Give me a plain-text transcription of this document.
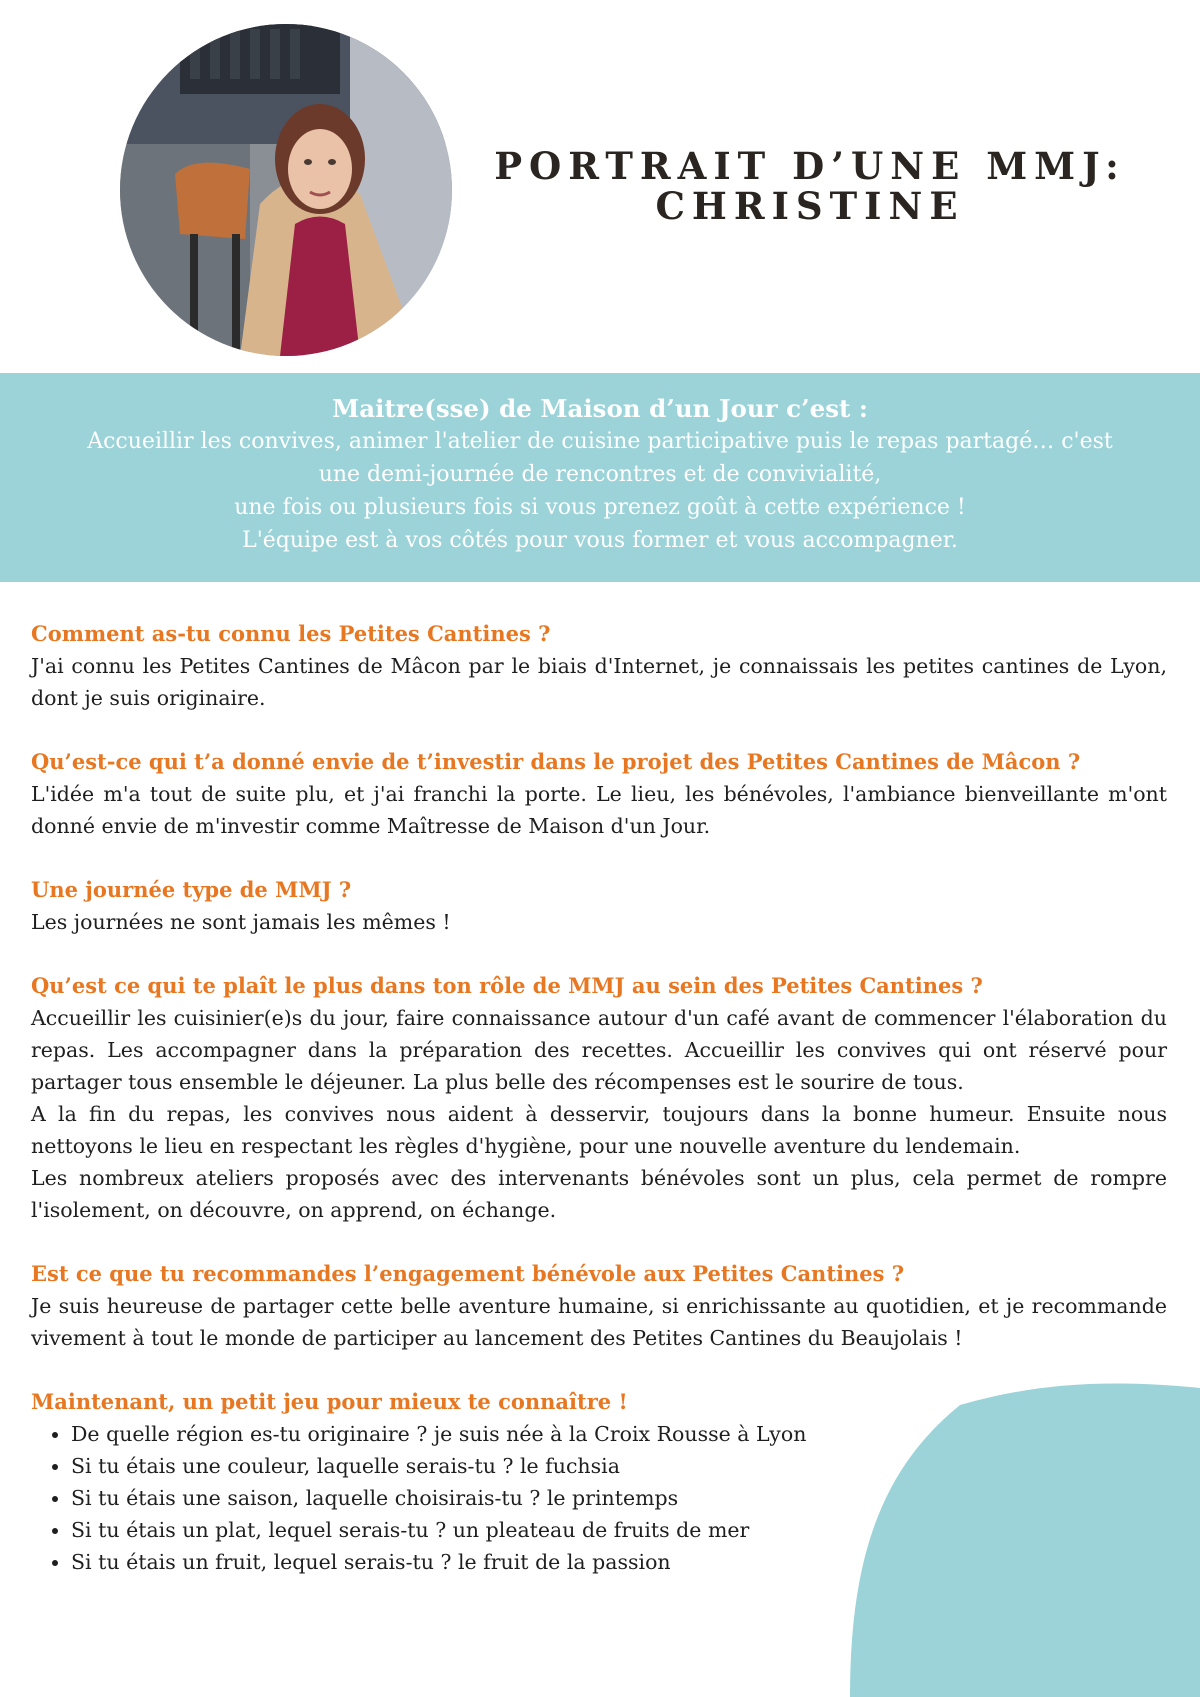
PORTRAIT D’UNE MMJ:
CHRISTINE
Maitre(sse) de Maison d’un Jour c’est :
Accueillir les convives, animer l'atelier de cuisine participative puis le repas partagé… c'est
une demi-journée de rencontres et de convivialité,
une fois ou plusieurs fois si vous prenez goût à cette expérience !
L'équipe est à vos côtés pour vous former et vous accompagner.
Comment as-tu connu les Petites Cantines ?
J'ai connu les Petites Cantines de Mâcon par le biais d'Internet, je connaissais les petites cantines de Lyon, dont je suis originaire.
Qu’est-ce qui t’a donné envie de t’investir dans le projet des Petites Cantines de Mâcon ?
L'idée m'a tout de suite plu, et j'ai franchi la porte. Le lieu, les bénévoles, l'ambiance bienveillante m'ont donné envie de m'investir comme Maîtresse de Maison d'un Jour.
Une journée type de MMJ ?
Les journées ne sont jamais les mêmes !
Qu’est ce qui te plaît le plus dans ton rôle de MMJ au sein des Petites Cantines ?
Accueillir les cuisinier(e)s du jour, faire connaissance autour d'un café avant de commencer l'élaboration du repas. Les accompagner dans la préparation des recettes. Accueillir les convives qui ont réservé pour partager tous ensemble le déjeuner. La plus belle des récompenses est le sourire de tous.
A la fin du repas, les convives nous aident à desservir, toujours dans la bonne humeur. Ensuite nous nettoyons le lieu en respectant les règles d'hygiène, pour une nouvelle aventure du lendemain.
Les nombreux ateliers proposés avec des intervenants bénévoles sont un plus, cela permet de rompre l'isolement, on découvre, on apprend, on échange.
Est ce que tu recommandes l’engagement bénévole aux Petites Cantines ?
Je suis heureuse de partager cette belle aventure humaine, si enrichissante au quotidien, et je recommande vivement à tout le monde de participer au lancement des Petites Cantines du Beaujolais !
Maintenant, un petit jeu pour mieux te connaître !
• De quelle région es-tu originaire ? je suis née à la Croix Rousse à Lyon
• Si tu étais une couleur, laquelle serais-tu ? le fuchsia
• Si tu étais une saison, laquelle choisirais-tu ? le printemps
• Si tu étais un plat, lequel serais-tu ? un pleateau de fruits de mer
• Si tu étais un fruit, lequel serais-tu ? le fruit de la passion
